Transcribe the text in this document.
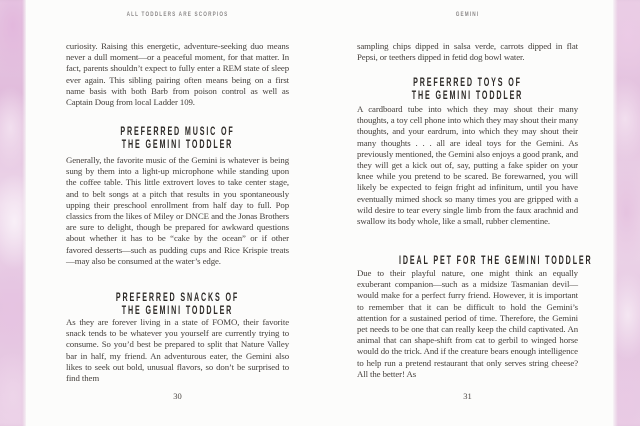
ALL TODDLERS ARE SCORPIOS
curiosity. Raising this energetic, adventure-seeking duo means never a dull moment—or a peaceful moment, for that matter. In fact, parents shouldn’t expect to fully enter a REM state of sleep ever again. This sibling pairing often means being on a first name basis with both Barb from poison control as well as Captain Doug from local Ladder 109.
PREFERRED MUSIC OF
THE GEMINI TODDLER
Generally, the favorite music of the Gemini is whatever is being sung by them into a light-up microphone while standing upon the coffee table. This little extrovert loves to take center stage, and to belt songs at a pitch that results in you spontaneously upping their preschool enrollment from half day to full. Pop classics from the likes of Miley or DNCE and the Jonas Brothers are sure to delight, though be prepared for awkward questions about whether it has to be “cake by the ocean” or if other favored desserts—such as pudding cups and Rice Krispie treats—may also be consumed at the water’s edge.
PREFERRED SNACKS OF
THE GEMINI TODDLER
As they are forever living in a state of FOMO, their favorite snack tends to be whatever you yourself are currently trying to consume. So you’d best be prepared to split that Nature Valley bar in half, my friend. An adventurous eater, the Gemini also likes to seek out bold, unusual flavors, so don’t be surprised to find them
30
GEMINI
sampling chips dipped in salsa verde, carrots dipped in flat Pepsi, or teethers dipped in fetid dog bowl water.
PREFERRED TOYS OF
THE GEMINI TODDLER
A cardboard tube into which they may shout their many thoughts, a toy cell phone into which they may shout their many thoughts, and your eardrum, into which they may shout their many thoughts . . . all are ideal toys for the Gemini. As previously mentioned, the Gemini also enjoys a good prank, and they will get a kick out of, say, putting a fake spider on your knee while you pretend to be scared. Be forewarned, you will likely be expected to feign fright ad infinitum, until you have eventually mimed shock so many times you are gripped with a wild desire to tear every single limb from the faux arachnid and swallow its body whole, like a small, rubber clementine.
IDEAL PET FOR THE GEMINI TODDLER
Due to their playful nature, one might think an equally exuberant companion—such as a midsize Tasmanian devil—would make for a perfect furry friend. However, it is important to remember that it can be difficult to hold the Gemini’s attention for a sustained period of time. Therefore, the Gemini pet needs to be one that can really keep the child captivated. An animal that can shape-shift from cat to gerbil to winged horse would do the trick. And if the creature bears enough intelligence to help run a pretend restaurant that only serves string cheese? All the better! As
31
